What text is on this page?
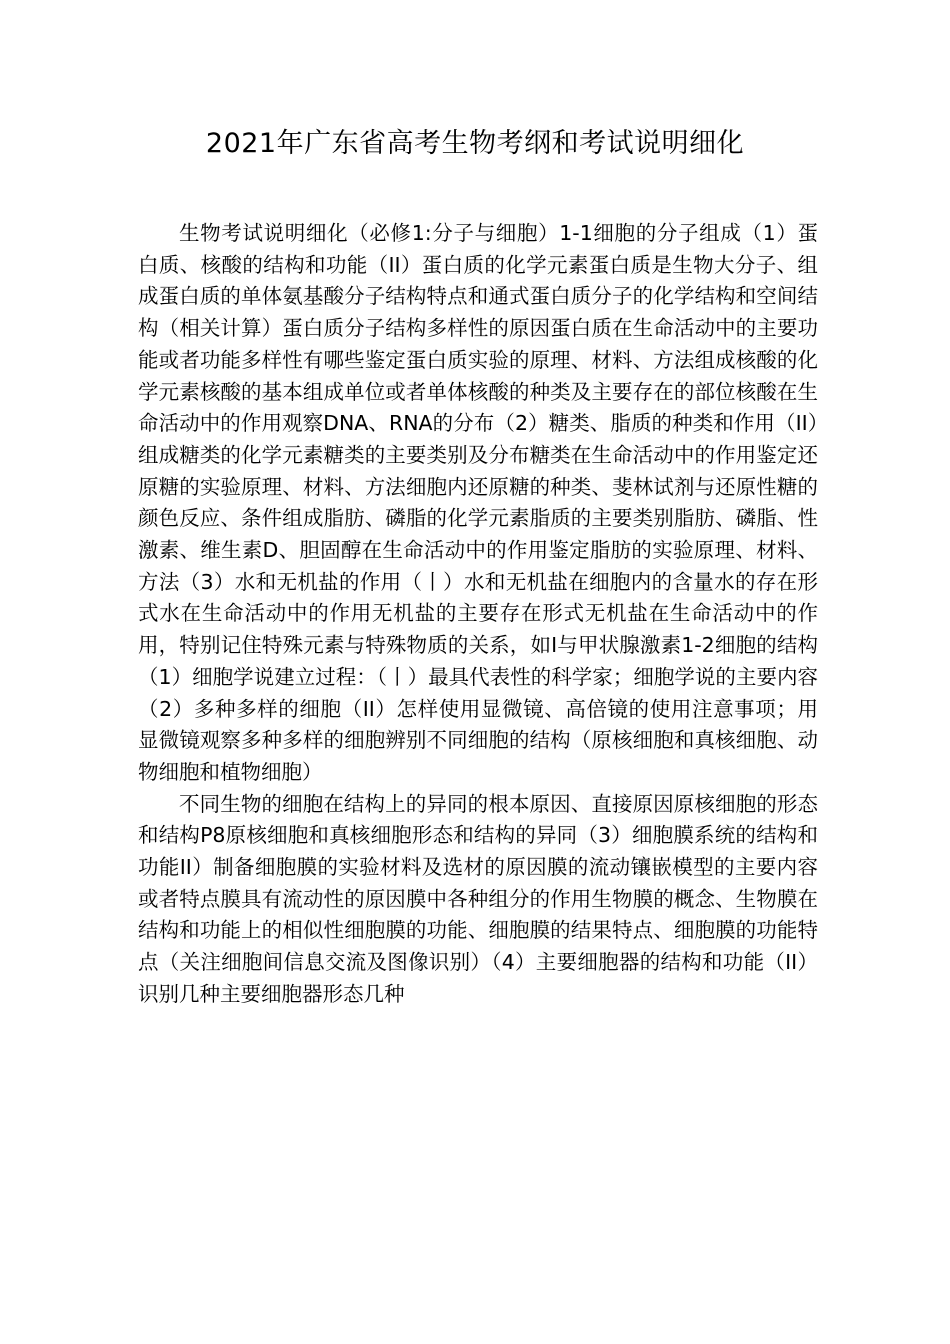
2021年广东省高考生物考纲和考试说明细化

生物考试说明细化（必修1:分子与细胞）1-1细胞的分子组成（1）蛋白质、核酸的结构和功能（II）蛋白质的化学元素蛋白质是生物大分子、组成蛋白质的单体氨基酸分子结构特点和通式蛋白质分子的化学结构和空间结构（相关计算）蛋白质分子结构多样性的原因蛋白质在生命活动中的主要功能或者功能多样性有哪些鉴定蛋白质实验的原理、材料、方法组成核酸的化学元素核酸的基本组成单位或者单体核酸的种类及主要存在的部位核酸在生命活动中的作用观察DNA、RNA的分布（2）糖类、脂质的种类和作用（II）组成糖类的化学元素糖类的主要类别及分布糖类在生命活动中的作用鉴定还原糖的实验原理、材料、方法细胞内还原糖的种类、斐林试剂与还原性糖的颜色反应、条件组成脂肪、磷脂的化学元素脂质的主要类别脂肪、磷脂、性激素、维生素D、胆固醇在生命活动中的作用鉴定脂肪的实验原理、材料、方法（3）水和无机盐的作用（丨）水和无机盐在细胞内的含量水的存在形式水在生命活动中的作用无机盐的主要存在形式无机盐在生命活动中的作用，特别记住特殊元素与特殊物质的关系，如I与甲状腺激素1-2细胞的结构（1）细胞学说建立过程：（丨）最具代表性的科学家；细胞学说的主要内容（2）多种多样的细胞（II）怎样使用显微镜、高倍镜的使用注意事项；用显微镜观察多种多样的细胞辨别不同细胞的结构（原核细胞和真核细胞、动物细胞和植物细胞）

不同生物的细胞在结构上的异同的根本原因、直接原因原核细胞的形态和结构P8原核细胞和真核细胞形态和结构的异同（3）细胞膜系统的结构和功能II）制备细胞膜的实验材料及选材的原因膜的流动镶嵌模型的主要内容或者特点膜具有流动性的原因膜中各种组分的作用生物膜的概念、生物膜在结构和功能上的相似性细胞膜的功能、细胞膜的结果特点、细胞膜的功能特点（关注细胞间信息交流及图像识别）（4）主要细胞器的结构和功能（II）识别几种主要细胞器形态几种
